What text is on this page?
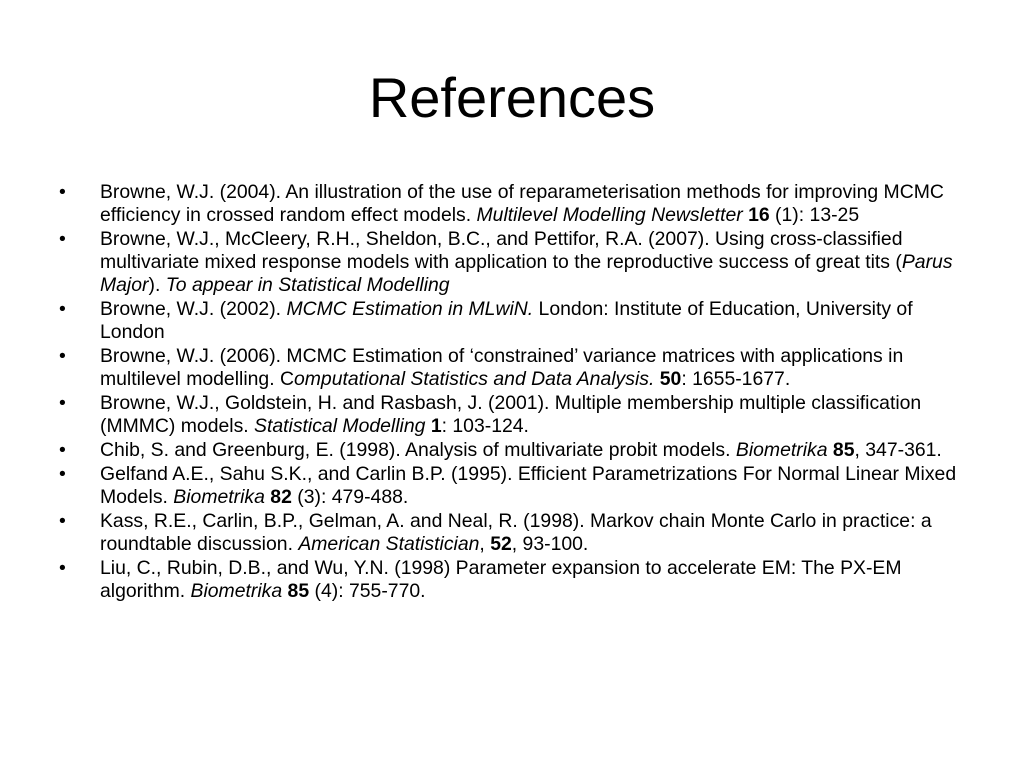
References
• Browne, W.J. (2004). An illustration of the use of reparameterisation methods for improving MCMC efficiency in crossed random effect models. Multilevel Modelling Newsletter 16 (1): 13-25
• Browne, W.J., McCleery, R.H., Sheldon, B.C., and Pettifor, R.A. (2007). Using cross-classified multivariate mixed response models with application to the reproductive success of great tits (Parus Major). To appear in Statistical Modelling
• Browne, W.J. (2002). MCMC Estimation in MLwiN. London: Institute of Education, University of London
• Browne, W.J. (2006). MCMC Estimation of ‘constrained’ variance matrices with applications in multilevel modelling. Computational Statistics and Data Analysis. 50: 1655-1677.
• Browne, W.J., Goldstein, H. and Rasbash, J. (2001). Multiple membership multiple classification (MMMC) models. Statistical Modelling 1: 103-124.
• Chib, S. and Greenburg, E. (1998). Analysis of multivariate probit models. Biometrika 85, 347-361.
• Gelfand A.E., Sahu S.K., and Carlin B.P. (1995). Efficient Parametrizations For Normal Linear Mixed Models. Biometrika 82 (3): 479-488.
• Kass, R.E., Carlin, B.P., Gelman, A. and Neal, R. (1998). Markov chain Monte Carlo in practice: a roundtable discussion. American Statistician, 52, 93-100.
• Liu, C., Rubin, D.B., and Wu, Y.N. (1998) Parameter expansion to accelerate EM: The PX-EM algorithm. Biometrika 85 (4): 755-770.
